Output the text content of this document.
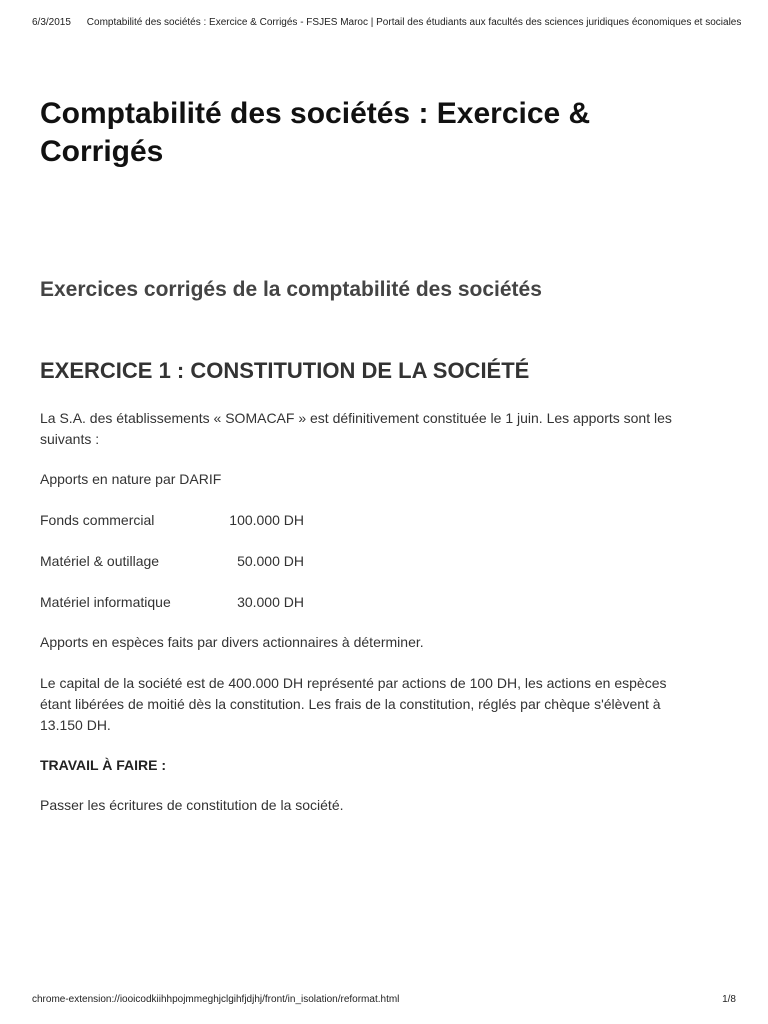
6/3/2015 Comptabilité des sociétés : Exercice & Corrigés - FSJES Maroc | Portail des étudiants aux facultés des sciences juridiques économiques et sociales
Comptabilité des sociétés : Exercice & Corrigés
Exercices corrigés de la comptabilité des sociétés
EXERCICE 1 : CONSTITUTION DE LA SOCIÉTÉ

La S.A. des établissements « SOMACAF » est définitivement constituée le 1 juin. Les apports sont les suivants :

Apports en nature par DARIF

Fonds commercial	100.000 DH
Matériel & outillage	50.000 DH
Matériel informatique	30.000 DH

Apports en espèces faits par divers actionnaires à déterminer.

Le capital de la société est de 400.000 DH représenté par actions de 100 DH, les actions en espèces étant libérées de moitié dès la constitution. Les frais de la constitution, réglés par chèque s'élèvent à 13.150 DH.

TRAVAIL À FAIRE :

Passer les écritures de constitution de la société.

chrome-extension://iooicodkiihhpojmmeghjclgihfjdjhj/front/in_isolation/reformat.html	1/8
